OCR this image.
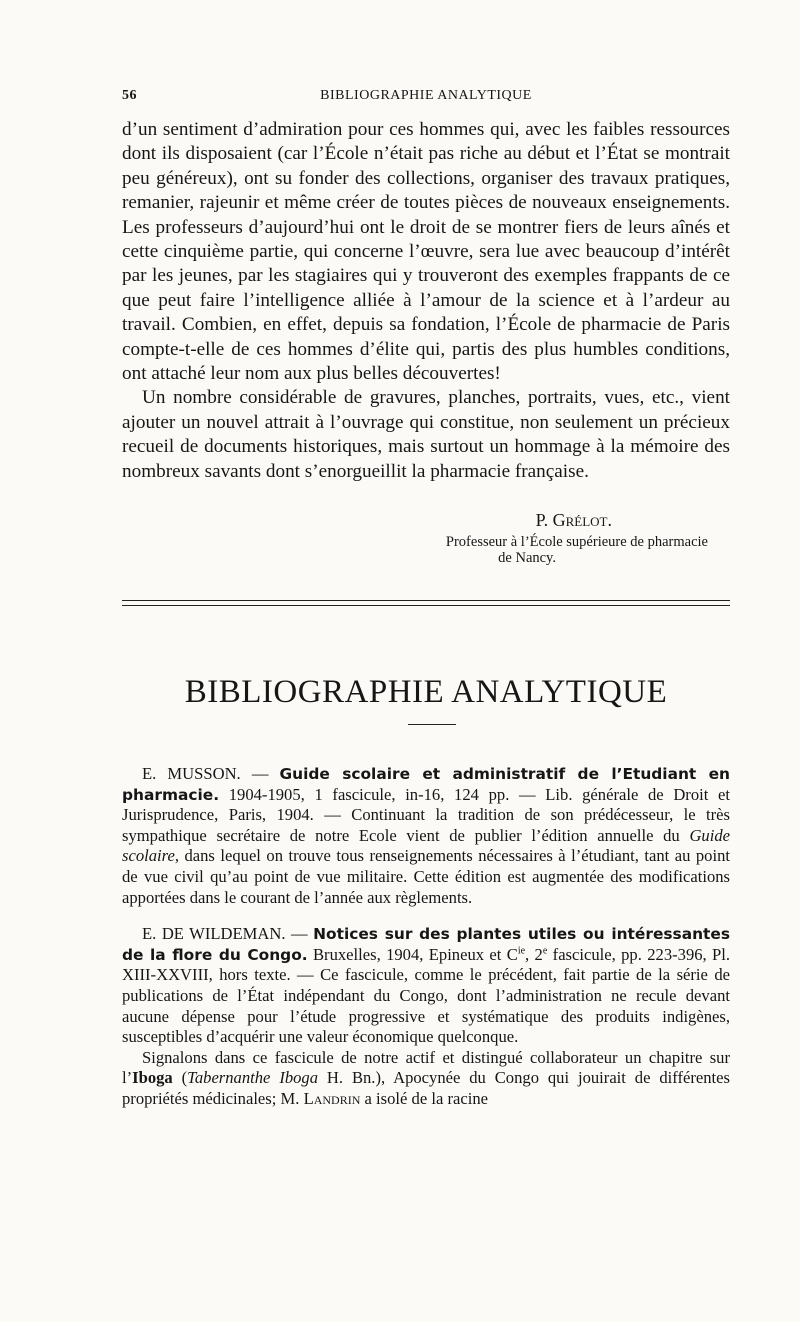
56	BIBLIOGRAPHIE ANALYTIQUE

d’un sentiment d’admiration pour ces hommes qui, avec les faibles ressources dont ils disposaient (car l’École n’était pas riche au début et l’État se montrait peu généreux), ont su fonder des collections, organiser des travaux pratiques, remanier, rajeunir et même créer de toutes pièces de nouveaux enseignements. Les professeurs d’aujourd’hui ont le droit de se montrer fiers de leurs aînés et cette cinquième partie, qui concerne l’œuvre, sera lue avec beaucoup d’intérêt par les jeunes, par les stagiaires qui y trouveront des exemples frappants de ce que peut faire l’intelligence alliée à l’amour de la science et à l’ardeur au travail. Combien, en effet, depuis sa fondation, l’École de pharmacie de Paris compte-t-elle de ces hommes d’élite qui, partis des plus humbles conditions, ont attaché leur nom aux plus belles découvertes!

Un nombre considérable de gravures, planches, portraits, vues, etc., vient ajouter un nouvel attrait à l’ouvrage qui constitue, non seulement un précieux recueil de documents historiques, mais surtout un hommage à la mémoire des nombreux savants dont s’enorgueillit la pharmacie française.

P. Grélot.
Professeur à l’École supérieure de pharmacie
de Nancy.
BIBLIOGRAPHIE ANALYTIQUE

E. MUSSON. — Guide scolaire et administratif de l’Etudiant en pharmacie. 1904-1905, 1 fascicule, in-16, 124 pp. — Lib. générale de Droit et Jurisprudence, Paris, 1904. — Continuant la tradition de son prédécesseur, le très sympathique secrétaire de notre Ecole vient de publier l’édition annuelle du Guide scolaire, dans lequel on trouve tous renseignements nécessaires à l’étudiant, tant au point de vue civil qu’au point de vue militaire. Cette édition est augmentée des modifications apportées dans le courant de l’année aux règlements.

E. DE WILDEMAN. — Notices sur des plantes utiles ou intéressantes de la flore du Congo. Bruxelles, 1904, Epineux et $C^{ie}$, 2e fascicule, pp. 223-396, Pl. XIII-XXVIII, hors texte. — Ce fascicule, comme le précédent, fait partie de la série de publications de l’État indépendant du Congo, dont l’administration ne recule devant aucune dépense pour l’étude progressive et systématique des produits indigènes, susceptibles d’acquérir une valeur économique quelconque.

Signalons dans ce fascicule de notre actif et distingué collaborateur un chapitre sur l’Iboga (Tabernanthe Iboga H. Bn.), Apocynée du Congo qui jouirait de différentes propriétés médicinales; M. Landrin a isolé de la racine
